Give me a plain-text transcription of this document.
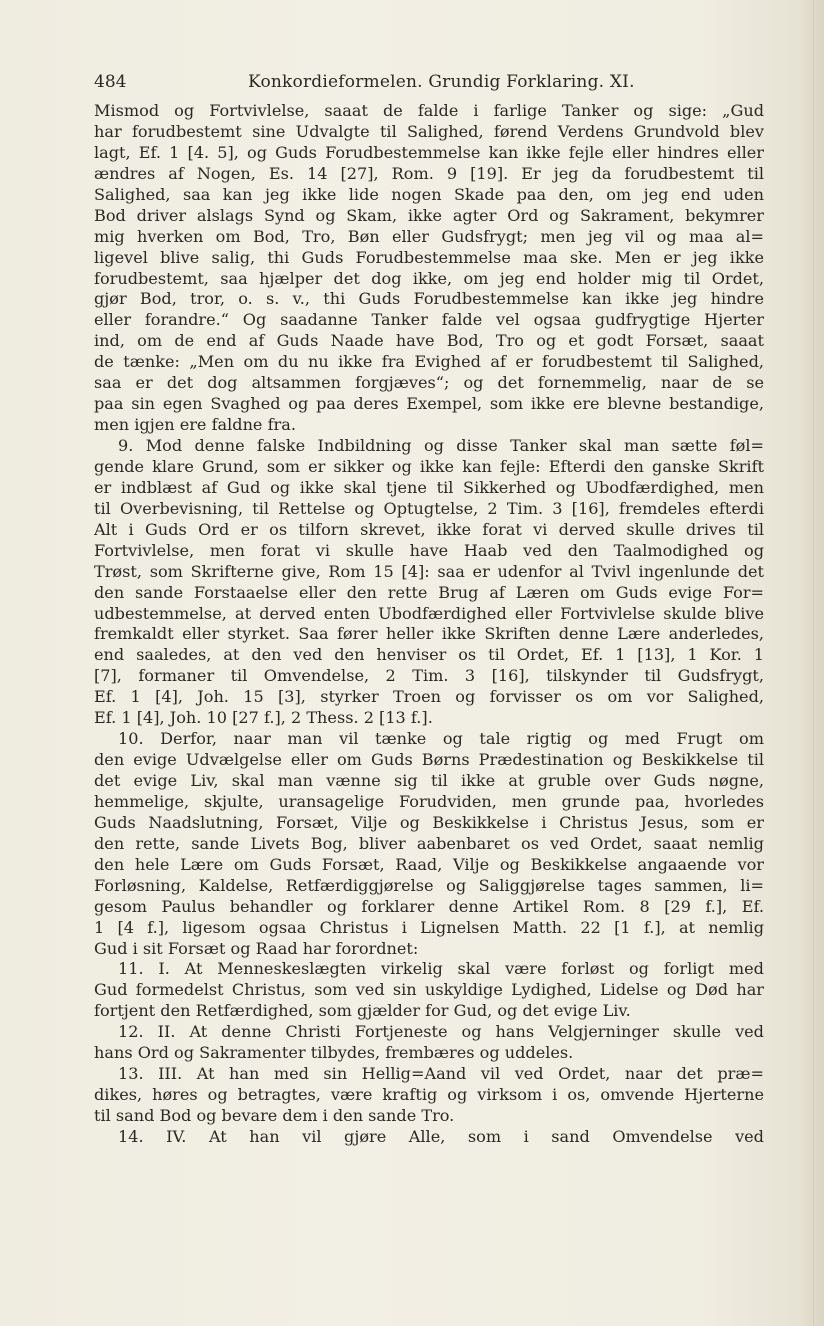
484	Konkordieformelen. Grundig Forklaring. XI.
Mismod og Fortvivlelse, saaat de falde i farlige Tanker og sige: „Gud
har forudbestemt sine Udvalgte til Salighed, førend Verdens Grundvold blev
lagt, Ef. 1 [4. 5], og Guds Forudbestemmelse kan ikke fejle eller hindres eller
ændres af Nogen, Es. 14 [27], Rom. 9 [19]. Er jeg da forudbestemt til
Salighed, saa kan jeg ikke lide nogen Skade paa den, om jeg end uden
Bod driver alslags Synd og Skam, ikke agter Ord og Sakrament, bekymrer
mig hverken om Bod, Tro, Bøn eller Gudsfrygt; men jeg vil og maa al=
ligevel blive salig, thi Guds Forudbestemmelse maa ske. Men er jeg ikke
forudbestemt, saa hjælper det dog ikke, om jeg end holder mig til Ordet,
gjør Bod, tror, o. s. v., thi Guds Forudbestemmelse kan ikke jeg hindre
eller forandre.“ Og saadanne Tanker falde vel ogsaa gudfrygtige Hjerter
ind, om de end af Guds Naade have Bod, Tro og et godt Forsæt, saaat
de tænke: „Men om du nu ikke fra Evighed af er forudbestemt til Salighed,
saa er det dog altsammen forgjæves“; og det fornemmelig, naar de se
paa sin egen Svaghed og paa deres Exempel, som ikke ere blevne bestandige,
men igjen ere faldne fra.
9. Mod denne falske Indbildning og disse Tanker skal man sætte føl=
gende klare Grund, som er sikker og ikke kan fejle: Efterdi den ganske Skrift
er indblæst af Gud og ikke skal tjene til Sikkerhed og Ubodfærdighed, men
til Overbevisning, til Rettelse og Optugtelse, 2 Tim. 3 [16], fremdeles efterdi
Alt i Guds Ord er os tilforn skrevet, ikke forat vi derved skulle drives til
Fortvivlelse, men forat vi skulle have Haab ved den Taalmodighed og
Trøst, som Skrifterne give, Rom 15 [4]: saa er udenfor al Tvivl ingenlunde det
den sande Forstaaelse eller den rette Brug af Læren om Guds evige For=
udbestemmelse, at derved enten Ubodfærdighed eller Fortvivlelse skulde blive
fremkaldt eller styrket. Saa fører heller ikke Skriften denne Lære anderledes,
end saaledes, at den ved den henviser os til Ordet, Ef. 1 [13], 1 Kor. 1
[7], formaner til Omvendelse, 2 Tim. 3 [16], tilskynder til Gudsfrygt,
Ef. 1 [4], Joh. 15 [3], styrker Troen og forvisser os om vor Salighed,
Ef. 1 [4], Joh. 10 [27 f.], 2 Thess. 2 [13 f.].
10. Derfor, naar man vil tænke og tale rigtig og med Frugt om
den evige Udvælgelse eller om Guds Børns Prædestination og Beskikkelse til
det evige Liv, skal man vænne sig til ikke at gruble over Guds nøgne,
hemmelige, skjulte, uransagelige Forudviden, men grunde paa, hvorledes
Guds Naadslutning, Forsæt, Vilje og Beskikkelse i Christus Jesus, som er
den rette, sande Livets Bog, bliver aabenbaret os ved Ordet, saaat nemlig
den hele Lære om Guds Forsæt, Raad, Vilje og Beskikkelse angaaende vor
Forløsning, Kaldelse, Retfærdiggjørelse og Saliggjørelse tages sammen, li=
gesom Paulus behandler og forklarer denne Artikel Rom. 8 [29 f.], Ef.
1 [4 f.], ligesom ogsaa Christus i Lignelsen Matth. 22 [1 f.], at nemlig
Gud i sit Forsæt og Raad har forordnet:
11. I. At Menneskeslægten virkelig skal være forløst og forligt med
Gud formedelst Christus, som ved sin uskyldige Lydighed, Lidelse og Død har
fortjent den Retfærdighed, som gjælder for Gud, og det evige Liv.
12. II. At denne Christi Fortjeneste og hans Velgjerninger skulle ved
hans Ord og Sakramenter tilbydes, frembæres og uddeles.
13. III. At han med sin Hellig=Aand vil ved Ordet, naar det præ=
dikes, høres og betragtes, være kraftig og virksom i os, omvende Hjerterne
til sand Bod og bevare dem i den sande Tro.
14. IV. At han vil gjøre Alle, som i sand Omvendelse ved
